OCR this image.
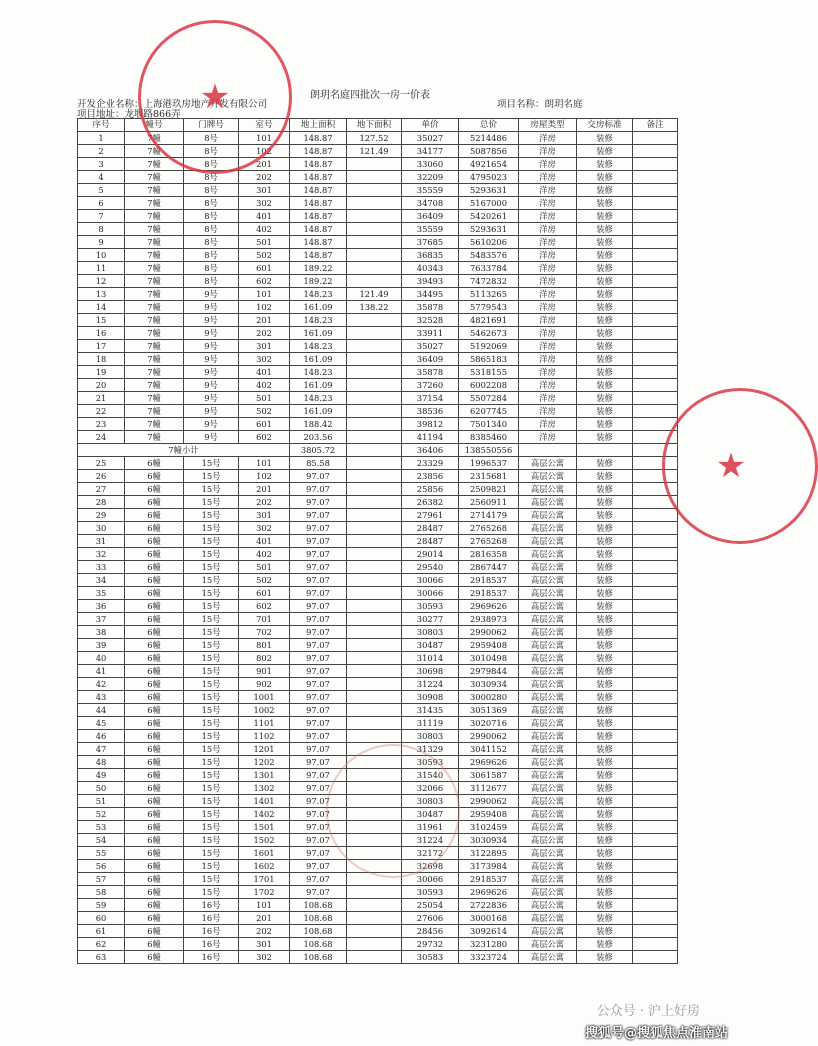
朗玥名庭四批次一房一价表
开发企业名称：上海港玖房地产开发有限公司	项目名称：朗玥名庭
项目地址：龙堰路866弄
序号	幢号	门牌号	室号	地上面积	地下面积	单价	总价	房屋类型	交房标准	备注
1	7幢	8号	101	148.87	127.52	35027	5214486	洋房	装修	
2	7幢	8号	102	148.87	121.49	34177	5087856	洋房	装修	
3	7幢	8号	201	148.87		33060	4921654	洋房	装修	
4	7幢	8号	202	148.87		32209	4795023	洋房	装修	
5	7幢	8号	301	148.87		35559	5293631	洋房	装修	
6	7幢	8号	302	148.87		34708	5167000	洋房	装修	
7	7幢	8号	401	148.87		36409	5420261	洋房	装修	
8	7幢	8号	402	148.87		35559	5293631	洋房	装修	
9	7幢	8号	501	148.87		37685	5610206	洋房	装修	
10	7幢	8号	502	148.87		36835	5483576	洋房	装修	
11	7幢	8号	601	189.22		40343	7633784	洋房	装修	
12	7幢	8号	602	189.22		39493	7472832	洋房	装修	
13	7幢	9号	101	148.23	121.49	34495	5113265	洋房	装修	
14	7幢	9号	102	161.09	138.22	35878	5779543	洋房	装修	
15	7幢	9号	201	148.23		32528	4821691	洋房	装修	
16	7幢	9号	202	161.09		33911	5462673	洋房	装修	
17	7幢	9号	301	148.23		35027	5192069	洋房	装修	
18	7幢	9号	302	161.09		36409	5865183	洋房	装修	
19	7幢	9号	401	148.23		35878	5318155	洋房	装修	
20	7幢	9号	402	161.09		37260	6002208	洋房	装修	
21	7幢	9号	501	148.23		37154	5507284	洋房	装修	
22	7幢	9号	502	161.09		38536	6207745	洋房	装修	
23	7幢	9号	601	188.42		39812	7501340	洋房	装修	
24	7幢	9号	602	203.56		41194	8385460	洋房	装修	
7幢小计				3805.72		36406	138550556			
25	6幢	15号	101	85.58		23329	1996537	高层公寓	装修	
26	6幢	15号	102	97.07		23856	2315681	高层公寓	装修	
27	6幢	15号	201	97.07		25856	2509821	高层公寓	装修	
28	6幢	15号	202	97.07		26382	2560911	高层公寓	装修	
29	6幢	15号	301	97.07		27961	2714179	高层公寓	装修	
30	6幢	15号	302	97.07		28487	2765268	高层公寓	装修	
31	6幢	15号	401	97.07		28487	2765268	高层公寓	装修	
32	6幢	15号	402	97.07		29014	2816358	高层公寓	装修	
33	6幢	15号	501	97.07		29540	2867447	高层公寓	装修	
34	6幢	15号	502	97.07		30066	2918537	高层公寓	装修	
35	6幢	15号	601	97.07		30066	2918537	高层公寓	装修	
36	6幢	15号	602	97.07		30593	2969626	高层公寓	装修	
37	6幢	15号	701	97.07		30277	2938973	高层公寓	装修	
38	6幢	15号	702	97.07		30803	2990062	高层公寓	装修	
39	6幢	15号	801	97.07		30487	2959408	高层公寓	装修	
40	6幢	15号	802	97.07		31014	3010498	高层公寓	装修	
41	6幢	15号	901	97.07		30698	2979844	高层公寓	装修	
42	6幢	15号	902	97.07		31224	3030934	高层公寓	装修	
43	6幢	15号	1001	97.07		30908	3000280	高层公寓	装修	
44	6幢	15号	1002	97.07		31435	3051369	高层公寓	装修	
45	6幢	15号	1101	97.07		31119	3020716	高层公寓	装修	
46	6幢	15号	1102	97.07		30803	2990062	高层公寓	装修	
47	6幢	15号	1201	97.07		31329	3041152	高层公寓	装修	
48	6幢	15号	1202	97.07		30593	2969626	高层公寓	装修	
49	6幢	15号	1301	97.07		31540	3061587	高层公寓	装修	
50	6幢	15号	1302	97.07		32066	3112677	高层公寓	装修	
51	6幢	15号	1401	97.07		30803	2990062	高层公寓	装修	
52	6幢	15号	1402	97.07		30487	2959408	高层公寓	装修	
53	6幢	15号	1501	97.07		31961	3102459	高层公寓	装修	
54	6幢	15号	1502	97.07		31224	3030934	高层公寓	装修	
55	6幢	15号	1601	97.07		32172	3122895	高层公寓	装修	
56	6幢	15号	1602	97.07		32698	3173984	高层公寓	装修	
57	6幢	15号	1701	97.07		30066	2918537	高层公寓	装修	
58	6幢	15号	1702	97.07		30593	2969626	高层公寓	装修	
59	6幢	16号	101	108.68		25054	2722836	高层公寓	装修	
60	6幢	16号	201	108.68		27606	3000168	高层公寓	装修	
61	6幢	16号	202	108.68		28456	3092614	高层公寓	装修	
62	6幢	16号	301	108.68		29732	3231280	高层公寓	装修	
63	6幢	16号	302	108.68		30583	3323724	高层公寓	装修	
★
★
公众号 · 沪上好房
搜狐号@搜狐焦点淮南站
